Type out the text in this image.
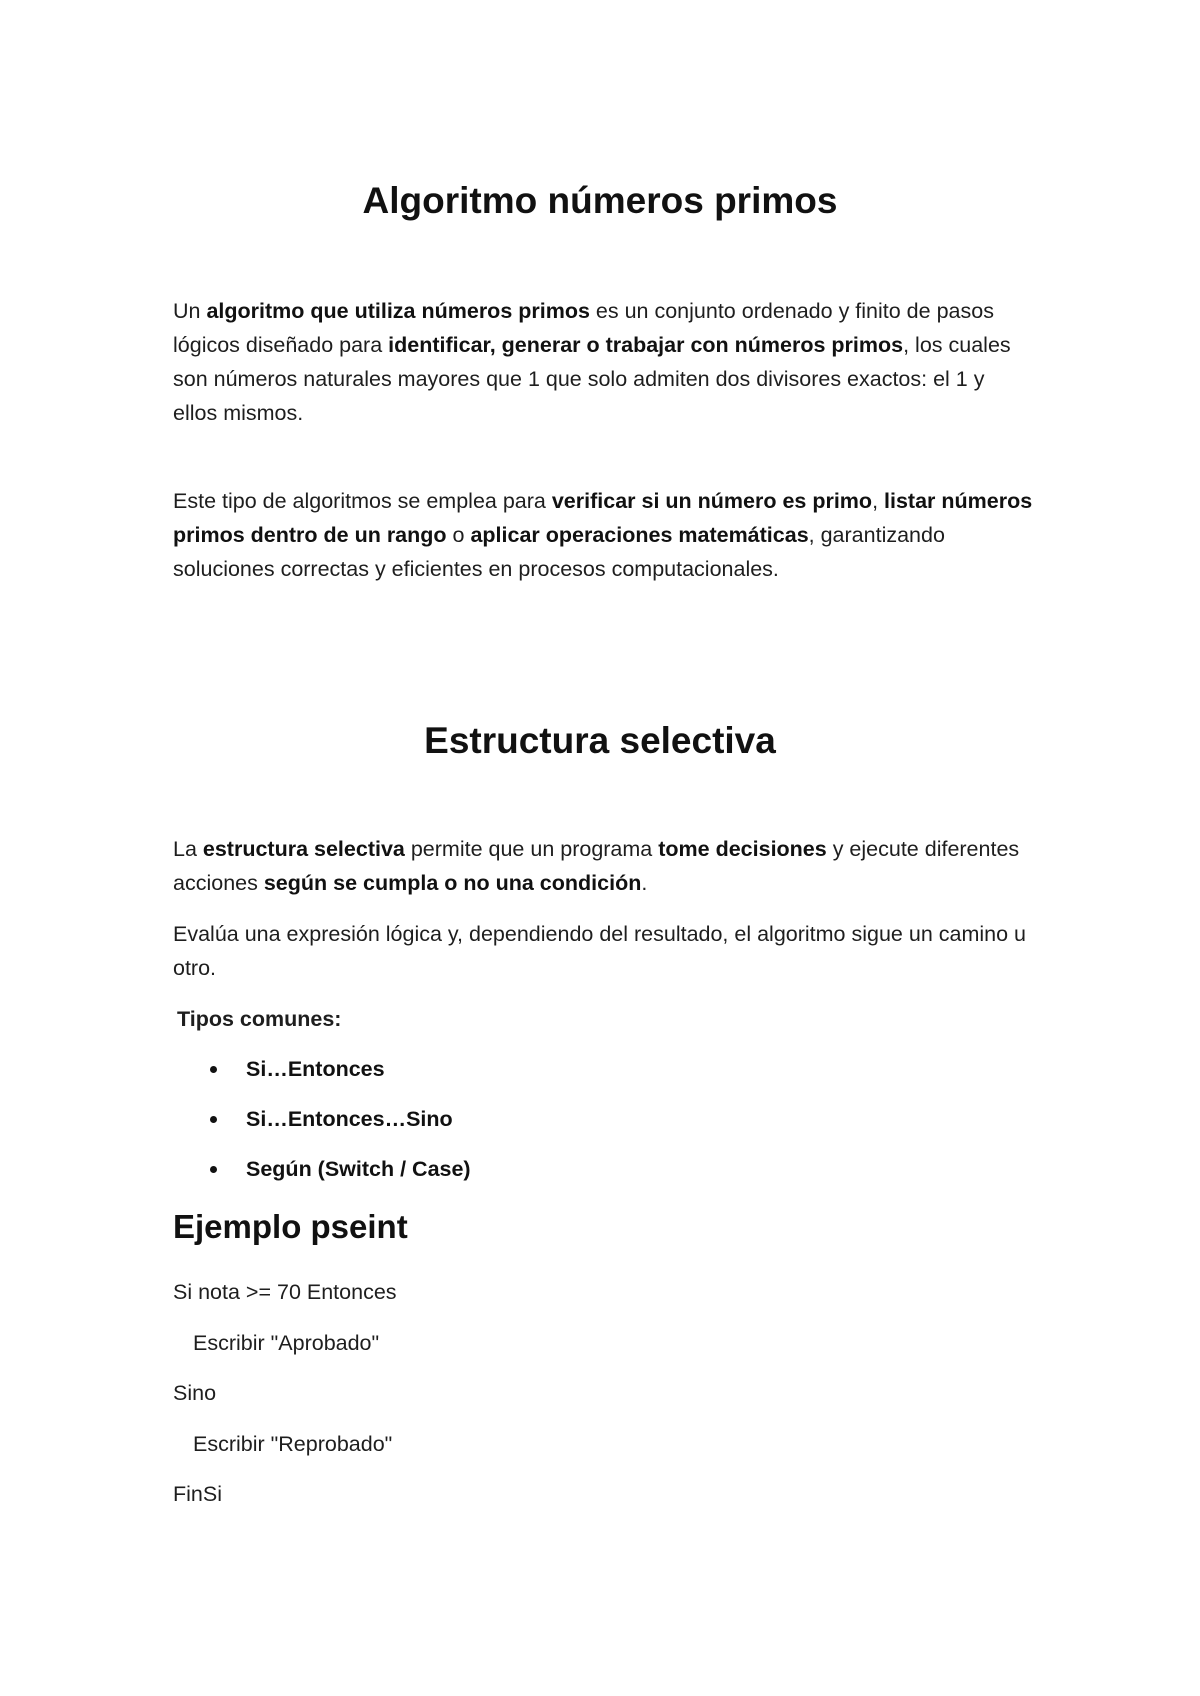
Algoritmo números primos

Un algoritmo que utiliza números primos es un conjunto ordenado y finito de pasos lógicos diseñado para identificar, generar o trabajar con números primos, los cuales son números naturales mayores que 1 que solo admiten dos divisores exactos: el 1 y ellos mismos.

Este tipo de algoritmos se emplea para verificar si un número es primo, listar números primos dentro de un rango o aplicar operaciones matemáticas, garantizando soluciones correctas y eficientes en procesos computacionales.

Estructura selectiva

La estructura selectiva permite que un programa tome decisiones y ejecute diferentes acciones según se cumpla o no una condición.

Evalúa una expresión lógica y, dependiendo del resultado, el algoritmo sigue un camino u otro.

Tipos comunes:

Si…Entonces
Si…Entonces…Sino
Según (Switch / Case)
Ejemplo pseint

Si nota >= 70 Entonces

Escribir "Aprobado"

Sino

Escribir "Reprobado"

FinSi
